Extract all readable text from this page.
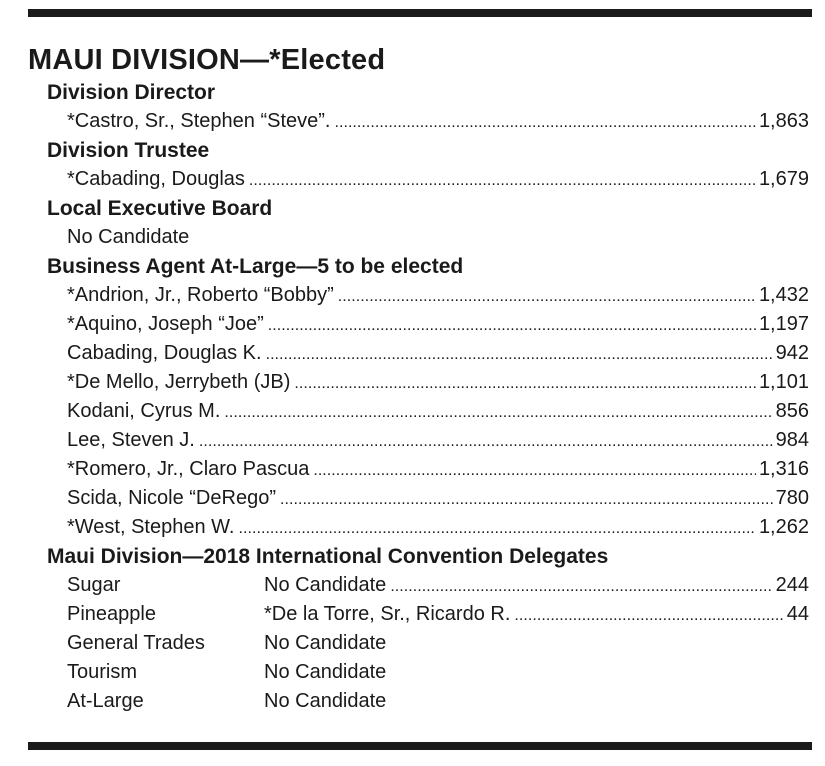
MAUI DIVISION—*Elected
Division Director
*Castro, Sr., Stephen “Steve”. . . .	1,863
Division Trustee
*Cabading, Douglas . . .	1,679
Local Executive Board
No Candidate
Business Agent At-Large—5 to be elected
*Andrion, Jr., Roberto “Bobby” . . .	1,432
*Aquino, Joseph “Joe” . . .	1,197
Cabading, Douglas K. . . .	942
*De Mello, Jerrybeth (JB) . . .	1,101
Kodani, Cyrus M. . . .	856
Lee, Steven J. . . .	984
*Romero, Jr., Claro Pascua . . .	1,316
Scida, Nicole “DeRego” . . .	780
*West, Stephen W. . . .	1,262
Maui Division—2018 International Convention Delegates
Sugar	No Candidate . . .	244
Pineapple	*De la Torre, Sr., Ricardo R. . . .	44
General Trades	No Candidate
Tourism	No Candidate
At-Large	No Candidate
